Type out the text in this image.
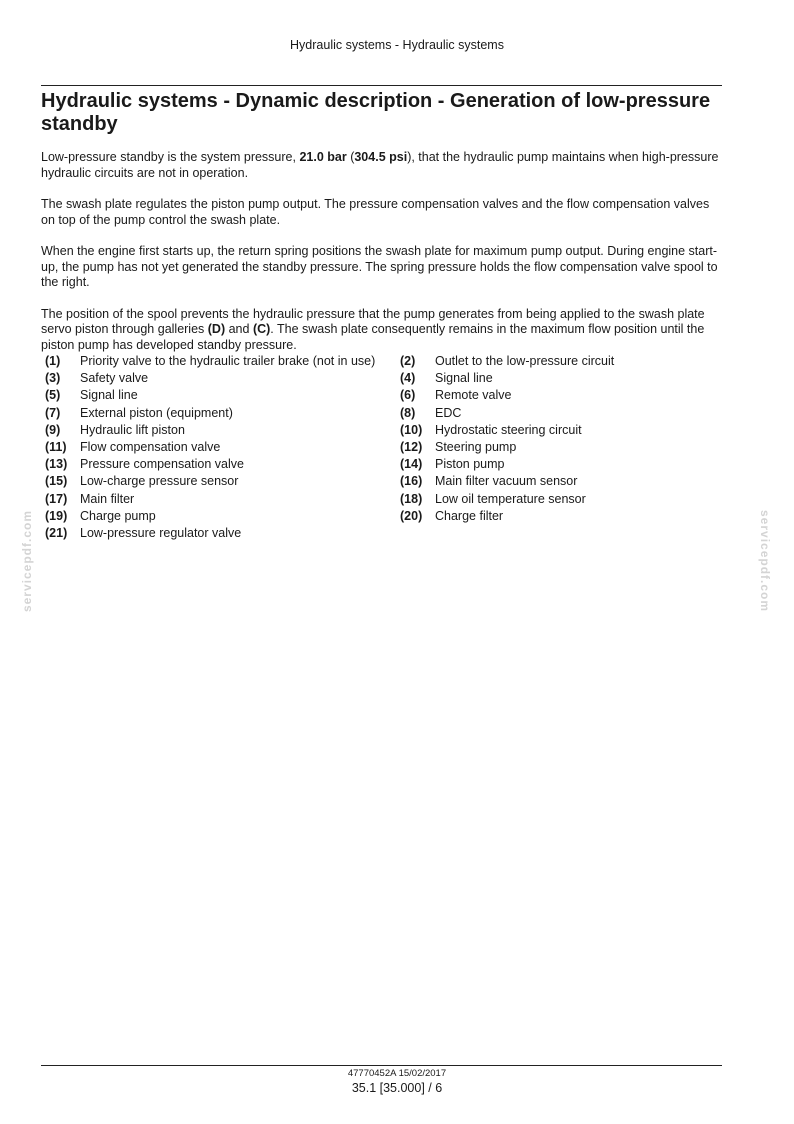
Hydraulic systems - Hydraulic systems
Hydraulic systems - Dynamic description - Generation of low-pressure standby

Low-pressure standby is the system pressure, 21.0 bar (304.5 psi), that the hydraulic pump maintains when high-pressure hydraulic circuits are not in operation.

The swash plate regulates the piston pump output. The pressure compensation valves and the flow compensation valves on top of the pump control the swash plate.

When the engine first starts up, the return spring positions the swash plate for maximum pump output. During engine start-up, the pump has not yet generated the standby pressure. The spring pressure holds the flow compensation valve spool to the right.

The position of the spool prevents the hydraulic pressure that the pump generates from being applied to the swash plate servo piston through galleries (D) and (C). The swash plate consequently remains in the maximum flow position until the piston pump has developed standby pressure.

(1)	Priority valve to the hydraulic trailer brake (not in use) (2)	Outlet to the low-pressure circuit
(3)	Safety valve	(4)	Signal line
(5)	Signal line	(6)	Remote valve
(7)	External piston (equipment)	(8)	EDC
(9)	Hydraulic lift piston	(10)	Hydrostatic steering circuit
(11)	Flow compensation valve	(12)	Steering pump
(13)	Pressure compensation valve	(14)	Piston pump
(15)	Low-charge pressure sensor	(16)	Main filter vacuum sensor
(17)	Main filter	(18)	Low oil temperature sensor
(19)	Charge pump	(20)	Charge filter
(21)	Low-pressure regulator valve
servicepdf.com	servicepdf.com
47770452A 15/02/2017
35.1 [35.000] / 6
